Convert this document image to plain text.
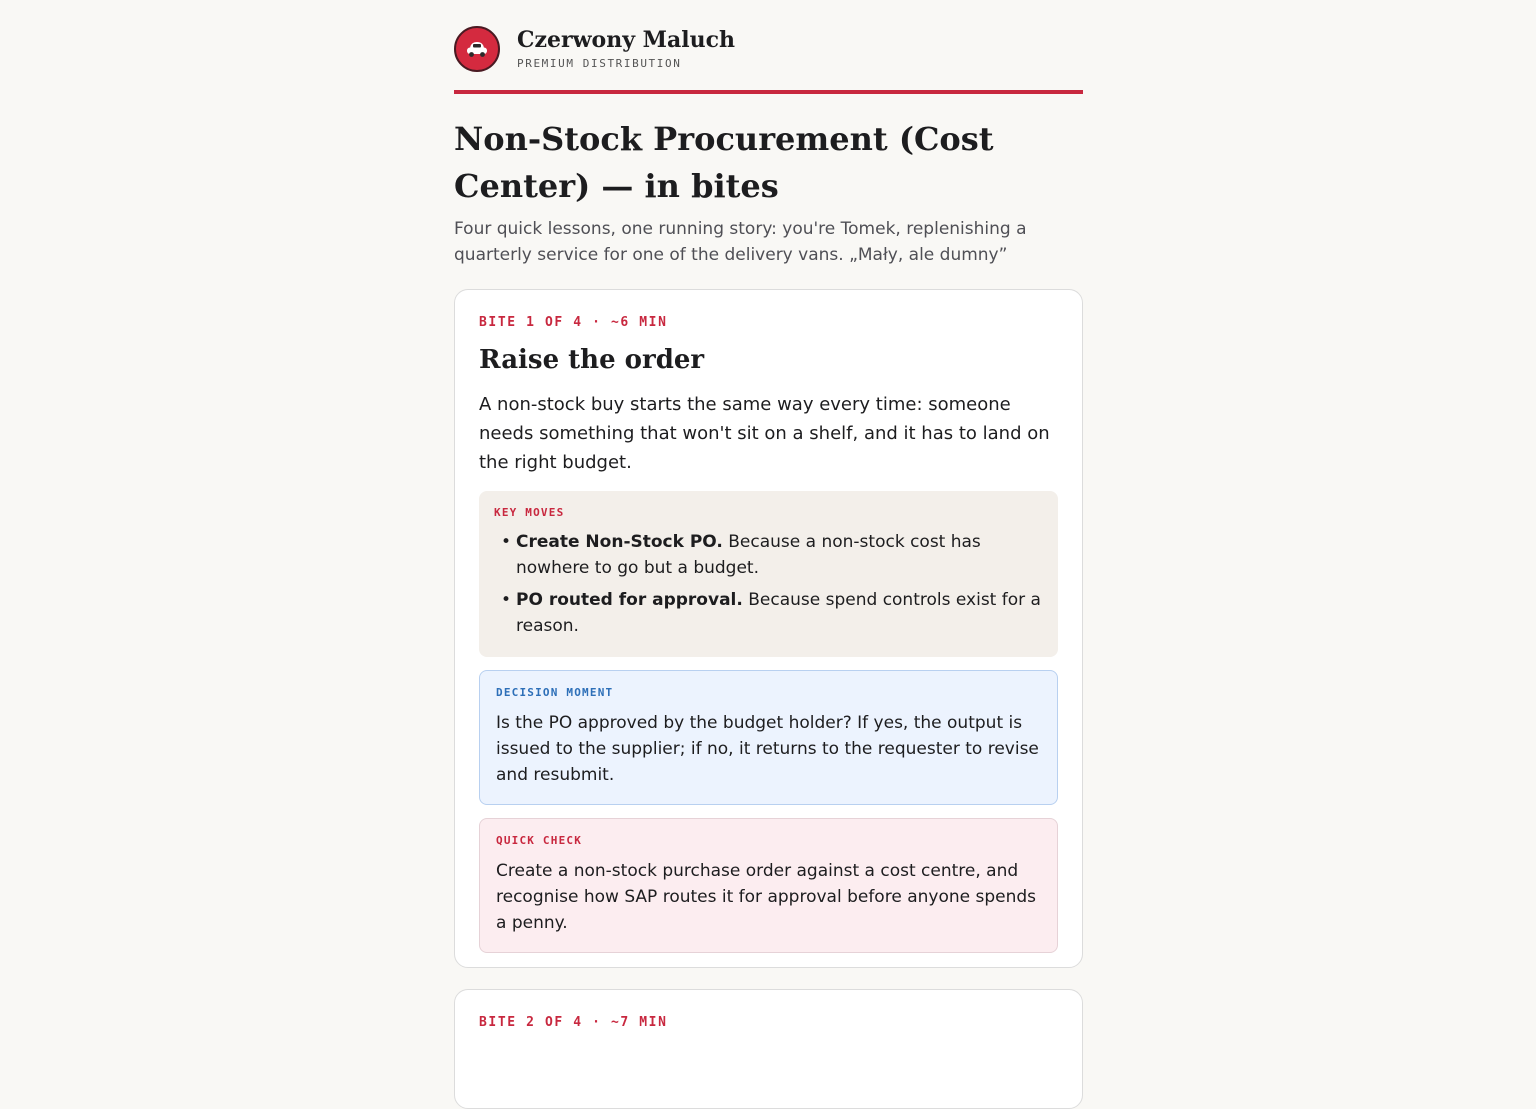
Czerwony Maluch
PREMIUM DISTRIBUTION
Non-Stock Procurement (Cost Center) — in bites
Four quick lessons, one running story: you're Tomek, replenishing a quarterly service for one of the delivery vans. „Mały, ale dumny”
BITE 1 OF 4 · ~6 MIN
Raise the order
A non-stock buy starts the same way every time: someone needs something that won't sit on a shelf, and it has to land on the right budget.
KEY MOVES
• Create Non-Stock PO. Because a non-stock cost has nowhere to go but a budget.
• PO routed for approval. Because spend controls exist for a reason.
DECISION MOMENT
Is the PO approved by the budget holder? If yes, the output is issued to the supplier; if no, it returns to the requester to revise and resubmit.
QUICK CHECK
Create a non-stock purchase order against a cost centre, and recognise how SAP routes it for approval before anyone spends a penny.
BITE 2 OF 4 · ~7 MIN
